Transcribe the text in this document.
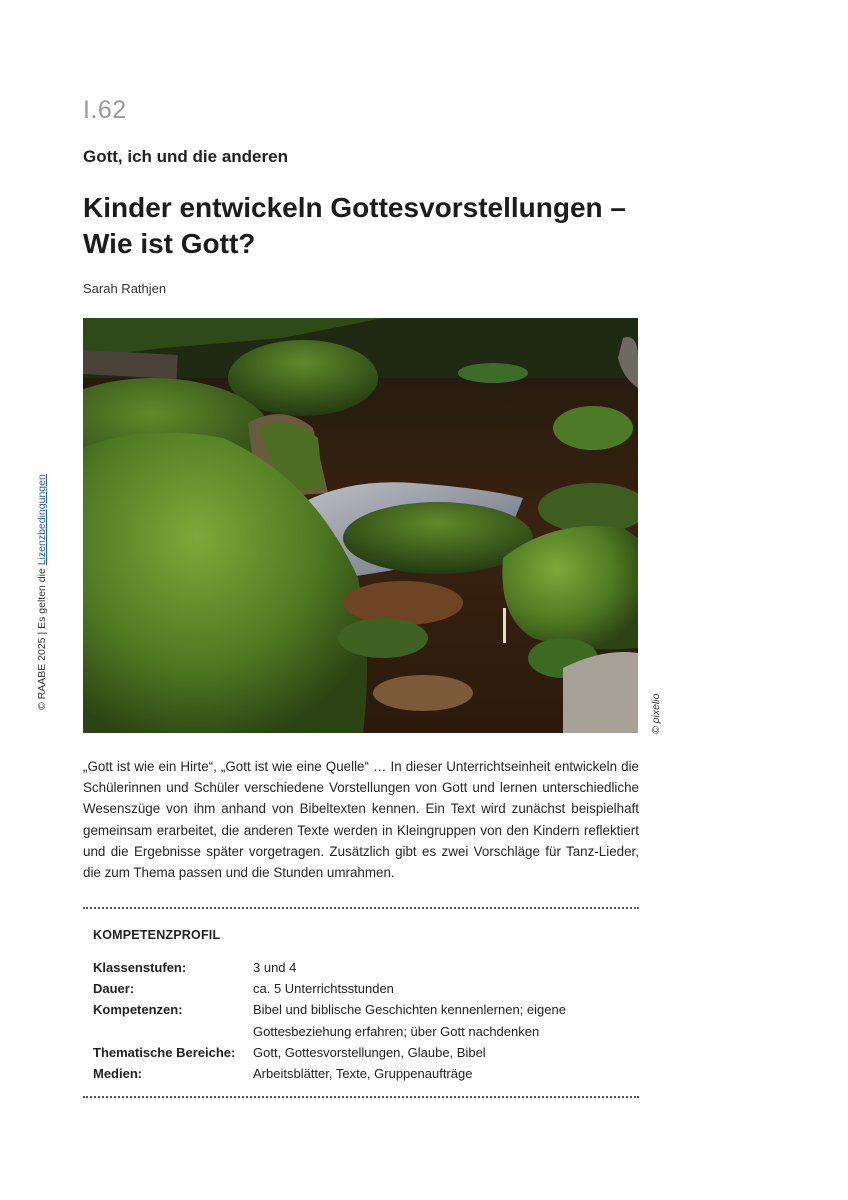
I.62
Gott, ich und die anderen
Kinder entwickeln Gottesvorstellungen –
Wie ist Gott?
Sarah Rathjen
© RAABE 2025 | Es gelten die Lizenzbedingungen
© pixelio
„Gott ist wie ein Hirte“, „Gott ist wie eine Quelle“ … In dieser Unterrichtseinheit entwickeln die Schülerinnen und Schüler verschiedene Vorstellungen von Gott und lernen unterschiedliche Wesenszüge von ihm anhand von Bibeltexten kennen. Ein Text wird zunächst beispielhaft gemeinsam erarbeitet, die anderen Texte werden in Kleingruppen von den Kindern reflektiert und die Ergebnisse später vorgetragen. Zusätzlich gibt es zwei Vorschläge für Tanz-Lieder, die zum Thema passen und die Stunden umrahmen.
KOMPETENZPROFIL
Klassenstufen:	3 und 4
Dauer:	ca. 5 Unterrichtsstunden
Kompetenzen:	Bibel und biblische Geschichten kennenlernen; eigene Gottesbeziehung erfahren; über Gott nachdenken
Thematische Bereiche:	Gott, Gottesvorstellungen, Glaube, Bibel
Medien:	Arbeitsblätter, Texte, Gruppenaufträge
